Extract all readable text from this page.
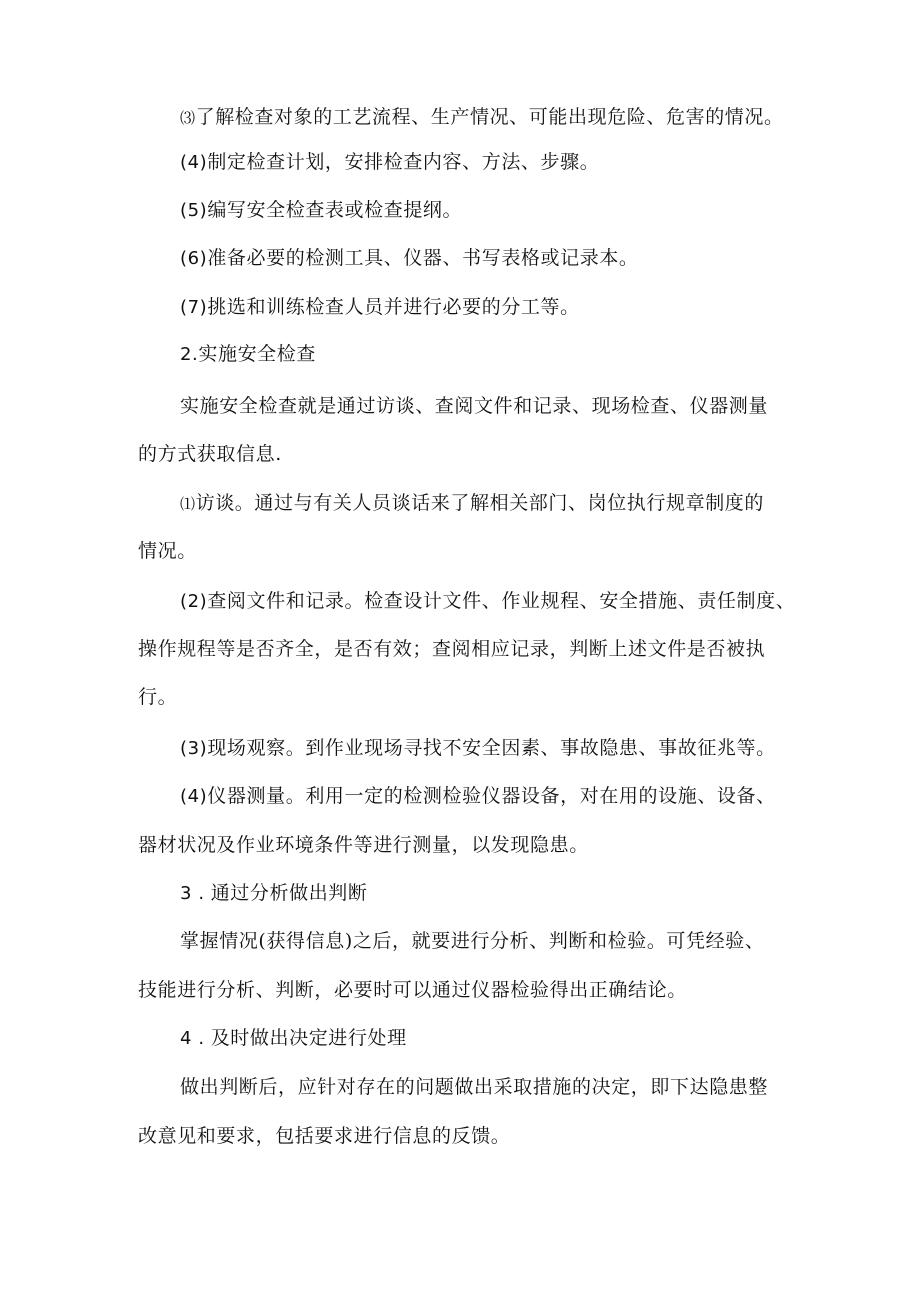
⑶了解检查对象的工艺流程、生产情况、可能出现危险、危害的情况。
(4)制定检查计划，安排检查内容、方法、步骤。
(5)编写安全检查表或检查提纲。
(6)准备必要的检测工具、仪器、书写表格或记录本。
(7)挑选和训练检查人员并进行必要的分工等。
2.实施安全检查
实施安全检查就是通过访谈、查阅文件和记录、现场检查、仪器测量
的方式获取信息.
⑴访谈。通过与有关人员谈话来了解相关部门、岗位执行规章制度的
情况。
(2)查阅文件和记录。检查设计文件、作业规程、安全措施、责任制度、
操作规程等是否齐全，是否有效；查阅相应记录，判断上述文件是否被执
行。
(3)现场观察。到作业现场寻找不安全因素、事故隐患、事故征兆等。
(4)仪器测量。利用一定的检测检验仪器设备，对在用的设施、设备、
器材状况及作业环境条件等进行测量，以发现隐患。
3 . 通过分析做出判断
掌握情况(获得信息)之后，就要进行分析、判断和检验。可凭经验、
技能进行分析、判断，必要时可以通过仪器检验得出正确结论。
4 . 及时做出决定进行处理
做出判断后，应针对存在的问题做出采取措施的决定，即下达隐患整
改意见和要求，包括要求进行信息的反馈。
